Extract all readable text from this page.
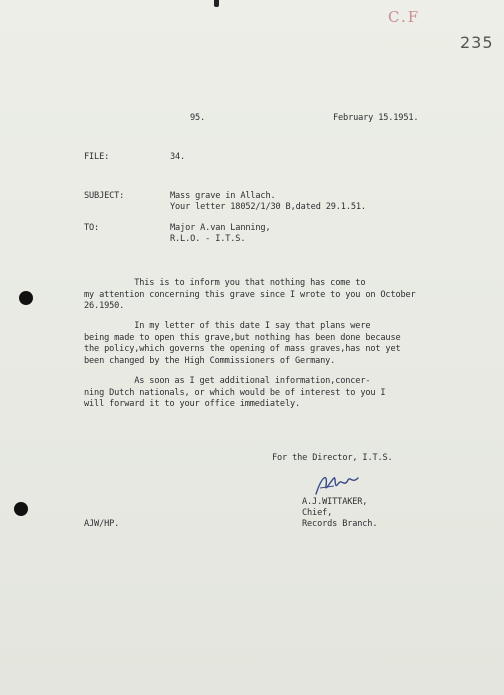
C.F
235
95.	February 15.1951.
FILE:	34.
SUBJECT:	Mass grave in Allach.
Your letter 18052/1/30 B,dated 29.1.51.
TO:	Major A.van Lanning,
R.L.O. - I.T.S.
This is to inform you that nothing has come to
my attention concerning this grave since I wrote to you on October
26.1950.
In my letter of this date I say that plans were
being made to open this grave,but nothing has been done because
the policy,which governs the opening of mass graves,has not yet
been changed by the High Commissioners of Germany.
As soon as I get additional information,concer-
ning Dutch nationals, or which would be of interest to you I
will forward it to your office immediately.
For the Director, I.T.S.
A.J.WITTAKER,
Chief,
Records Branch.
AJW/HP.
